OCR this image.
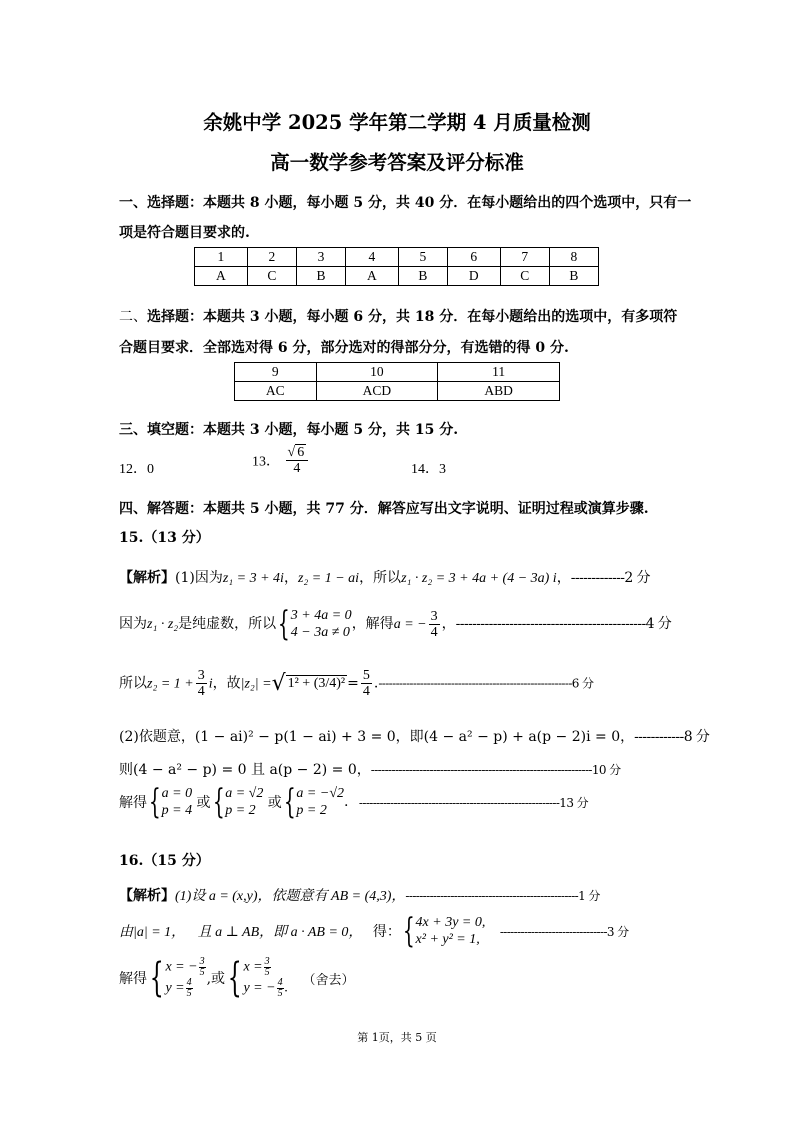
余姚中学 2025 学年第二学期 4 月质量检测
高一数学参考答案及评分标准
一、选择题：本题共 8 小题，每小题 5 分，共 40 分．在每小题给出的四个选项中，只有一
项是符合题目要求的.
1	2	3	4	5	6	7	8
A	C	B	A	B	D	C	B
二、选择题：本题共 3 小题，每小题 6 分，共 18 分．在每小题给出的选项中，有多项符
合题目要求．全部选对得 6 分，部分选对的得部分分，有选错的得 0 分.
9	10	11
AC	ACD	ABD
三、填空题：本题共 3 小题，每小题 5 分，共 15 分.
12．0	13． $\frac{√ 6}{4}$	14．3
四、解答题：本题共 5 小题，共 77 分．解答应写出文字说明、证明过程或演算步骤.
15.（13 分）
【解析】(1)因为z₁ = 3 + 4i，z₂ = 1 − ai，所以z₁ · z₂ = 3 + 4a + (4 − 3a) i，-------------2 分
因为z₁ · z₂是纯虚数，所以{ 3 + 4a = 0
4 − 3a ≠ 0
，解得a = − $\frac{3}{4}$ ，----------------------------------------------4 分
所以$z_2 = 1 + \frac{3}{4}$ i，故|z₂| =√ $1^2 + (3/4)^2 = \frac{5}{4} .--------------------------------------------------------6$ 分
(2)依题意，(1 − ai)² − p(1 − ai) + 3 = 0，即(4 − a² − p) + a(p − 2)i = 0，------------8 分
则(4 − a² − p) = 0 且 a(p − 2) = 0，----------------------------------------------------------------10 分
解得{ a = 0
p = 4 或{ a = √2
p = 2 或{ a = −√2
p = 2
. ----------------------------------------------------------13 分
16.（15 分）
【解析】(1)设 a = (x,y)，依题意有 AB = (4,3)，--------------------------------------------------1 分
由|a| = 1， 且 a ⊥ AB，即 a · AB = 0， 得：{ 4x + 3y = 0,
x² + y² = 1,
-------------------------------3 分
解得{ x = − $\frac{3}{5}$
$y = \frac{4}{5}$ ,或{ $x = \frac{3}{5}$
y = − $\frac{4}{5}$ .
（舍去）
第 1页，共 5 页
